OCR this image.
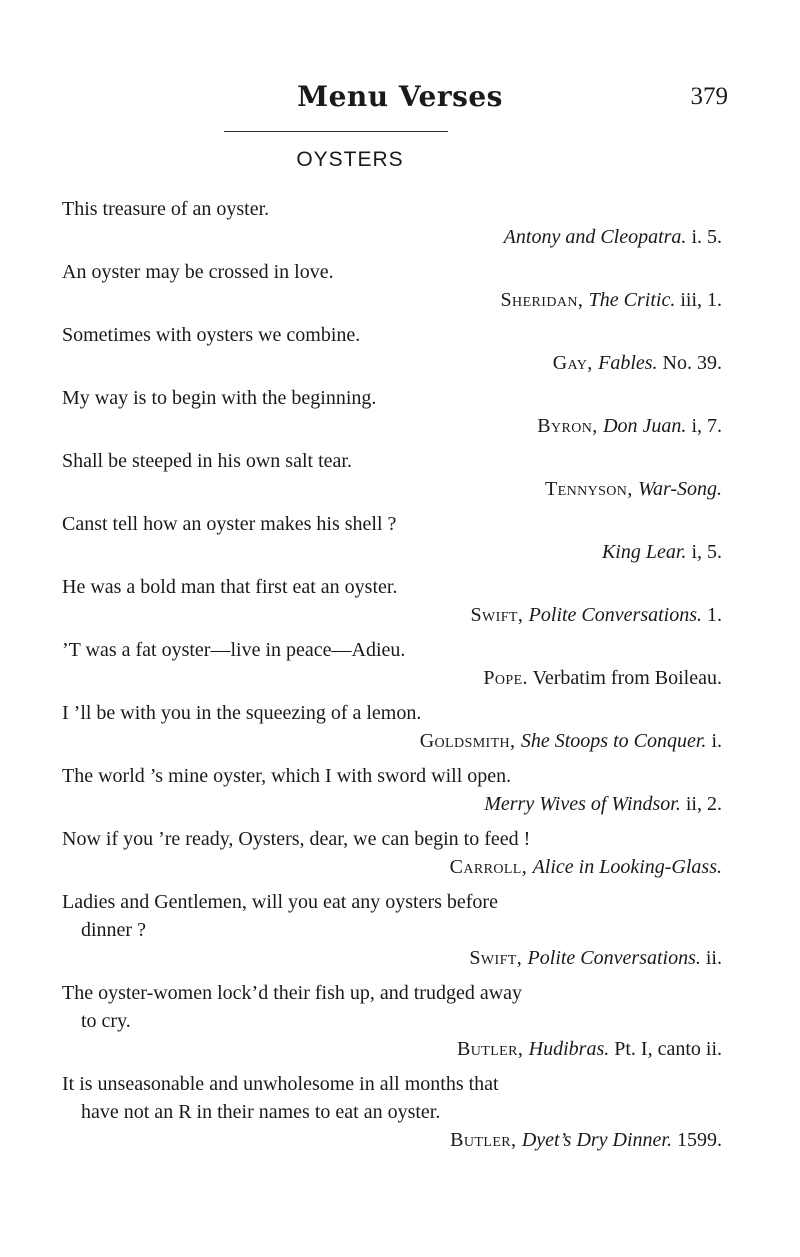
Menu Verses	379
OYSTERS
This treasure of an oyster.
Antony and Cleopatra. i. 5.
An oyster may be crossed in love.
Sheridan, The Critic. iii, 1.
Sometimes with oysters we combine.
Gay, Fables. No. 39.
My way is to begin with the beginning.
Byron, Don Juan. i, 7.
Shall be steeped in his own salt tear.
Tennyson, War-Song.
Canst tell how an oyster makes his shell ?
King Lear. i, 5.
He was a bold man that first eat an oyster.
Swift, Polite Conversations. 1.
’T was a fat oyster—live in peace—Adieu.
Pope. Verbatim from Boileau.
I ’ll be with you in the squeezing of a lemon.
Goldsmith, She Stoops to Conquer. i.
The world ’s mine oyster, which I with sword will open.
Merry Wives of Windsor. ii, 2.
Now if you ’re ready, Oysters, dear, we can begin to feed !
Carroll, Alice in Looking-Glass.
Ladies and Gentlemen, will you eat any oysters before
dinner ?
Swift, Polite Conversations. ii.
The oyster-women lock’d their fish up, and trudged away
to cry.
Butler, Hudibras. Pt. I, canto ii.
It is unseasonable and unwholesome in all months that
have not an R in their names to eat an oyster.
Butler, Dyet’s Dry Dinner. 1599.
